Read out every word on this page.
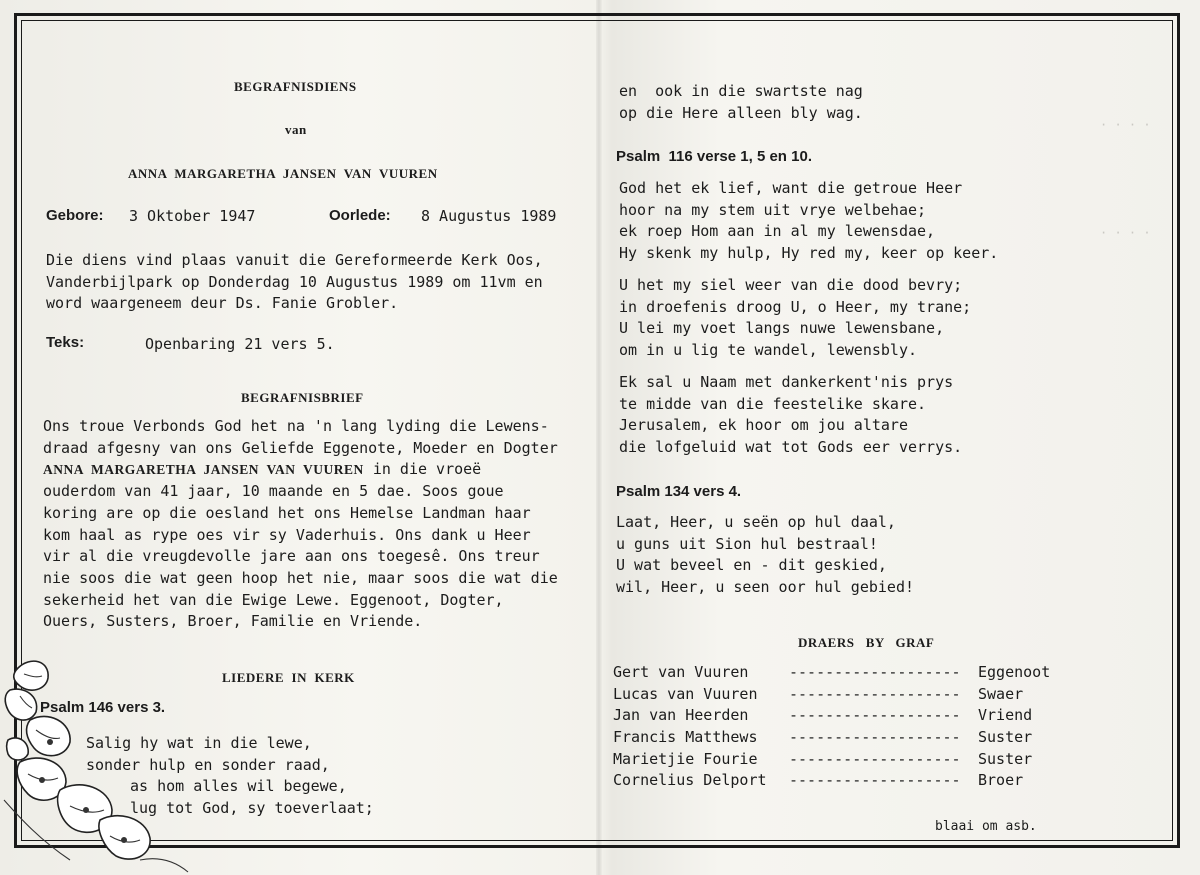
· · · ·
· · · ·
BEGRAFNISDIENS
van
ANNA  MARGARETHA  JANSEN  VAN  VUUREN
Gebore: 3 Oktober 1947	Oorlede: 8 Augustus 1989
Die diens vind plaas vanuit die Gereformeerde Kerk Oos,
Vanderbijlpark op Donderdag 10 Augustus 1989 om 11vm en
word waargeneem deur Ds. Fanie Grobler.
Teks:	Openbaring 21 vers 5.
BEGRAFNISBRIEF
Ons troue Verbonds God het na 'n lang lyding die Lewens-
draad afgesny van ons Geliefde Eggenote, Moeder en Dogter
ANNA  MARGARETHA  JANSEN  VAN  VUUREN in die vroeë
ouderdom van 41 jaar, 10 maande en 5 dae. Soos goue
koring are op die oesland het ons Hemelse Landman haar
kom haal as rype oes vir sy Vaderhuis. Ons dank u Heer
vir al die vreugdevolle jare aan ons toegesê. Ons treur
nie soos die wat geen hoop het nie, maar soos die wat die
sekerheid het van die Ewige Lewe. Eggenoot, Dogter,
Ouers, Susters, Broer, Familie en Vriende.
LIEDERE  IN  KERK
Psalm 146 vers 3.
Salig hy wat in die lewe,
sonder hulp en sonder raad,
as hom alles wil begewe,
lug tot God, sy toeverlaat;
en  ook in die swartste nag
op die Here alleen bly wag.
Psalm  116 verse 1, 5 en 10.
God het ek lief, want die getroue Heer
hoor na my stem uit vrye welbehae;
ek roep Hom aan in al my lewensdae,
Hy skenk my hulp, Hy red my, keer op keer.
U het my siel weer van die dood bevry;
in droefenis droog U, o Heer, my trane;
U lei my voet langs nuwe lewensbane,
om in u lig te wandel, lewensbly.
Ek sal u Naam met dankerkent'nis prys
te midde van die feestelike skare.
Jerusalem, ek hoor om jou altare
die lofgeluid wat tot Gods eer verrys.
Psalm 134 vers 4.
Laat, Heer, u seën op hul daal,
u guns uit Sion hul bestraal!
U wat beveel en - dit geskied,
wil, Heer, u seen oor hul gebied!
DRAERS   BY   GRAF
Gert van Vuuren	------------------- Eggenoot
Lucas van Vuuren ------------------- Swaer
Jan van Heerden	------------------- Vriend
Francis Matthews ------------------- Suster
Marietjie Fourie ------------------- Suster
Cornelius Delport ------------------- Broer
blaai om asb.
